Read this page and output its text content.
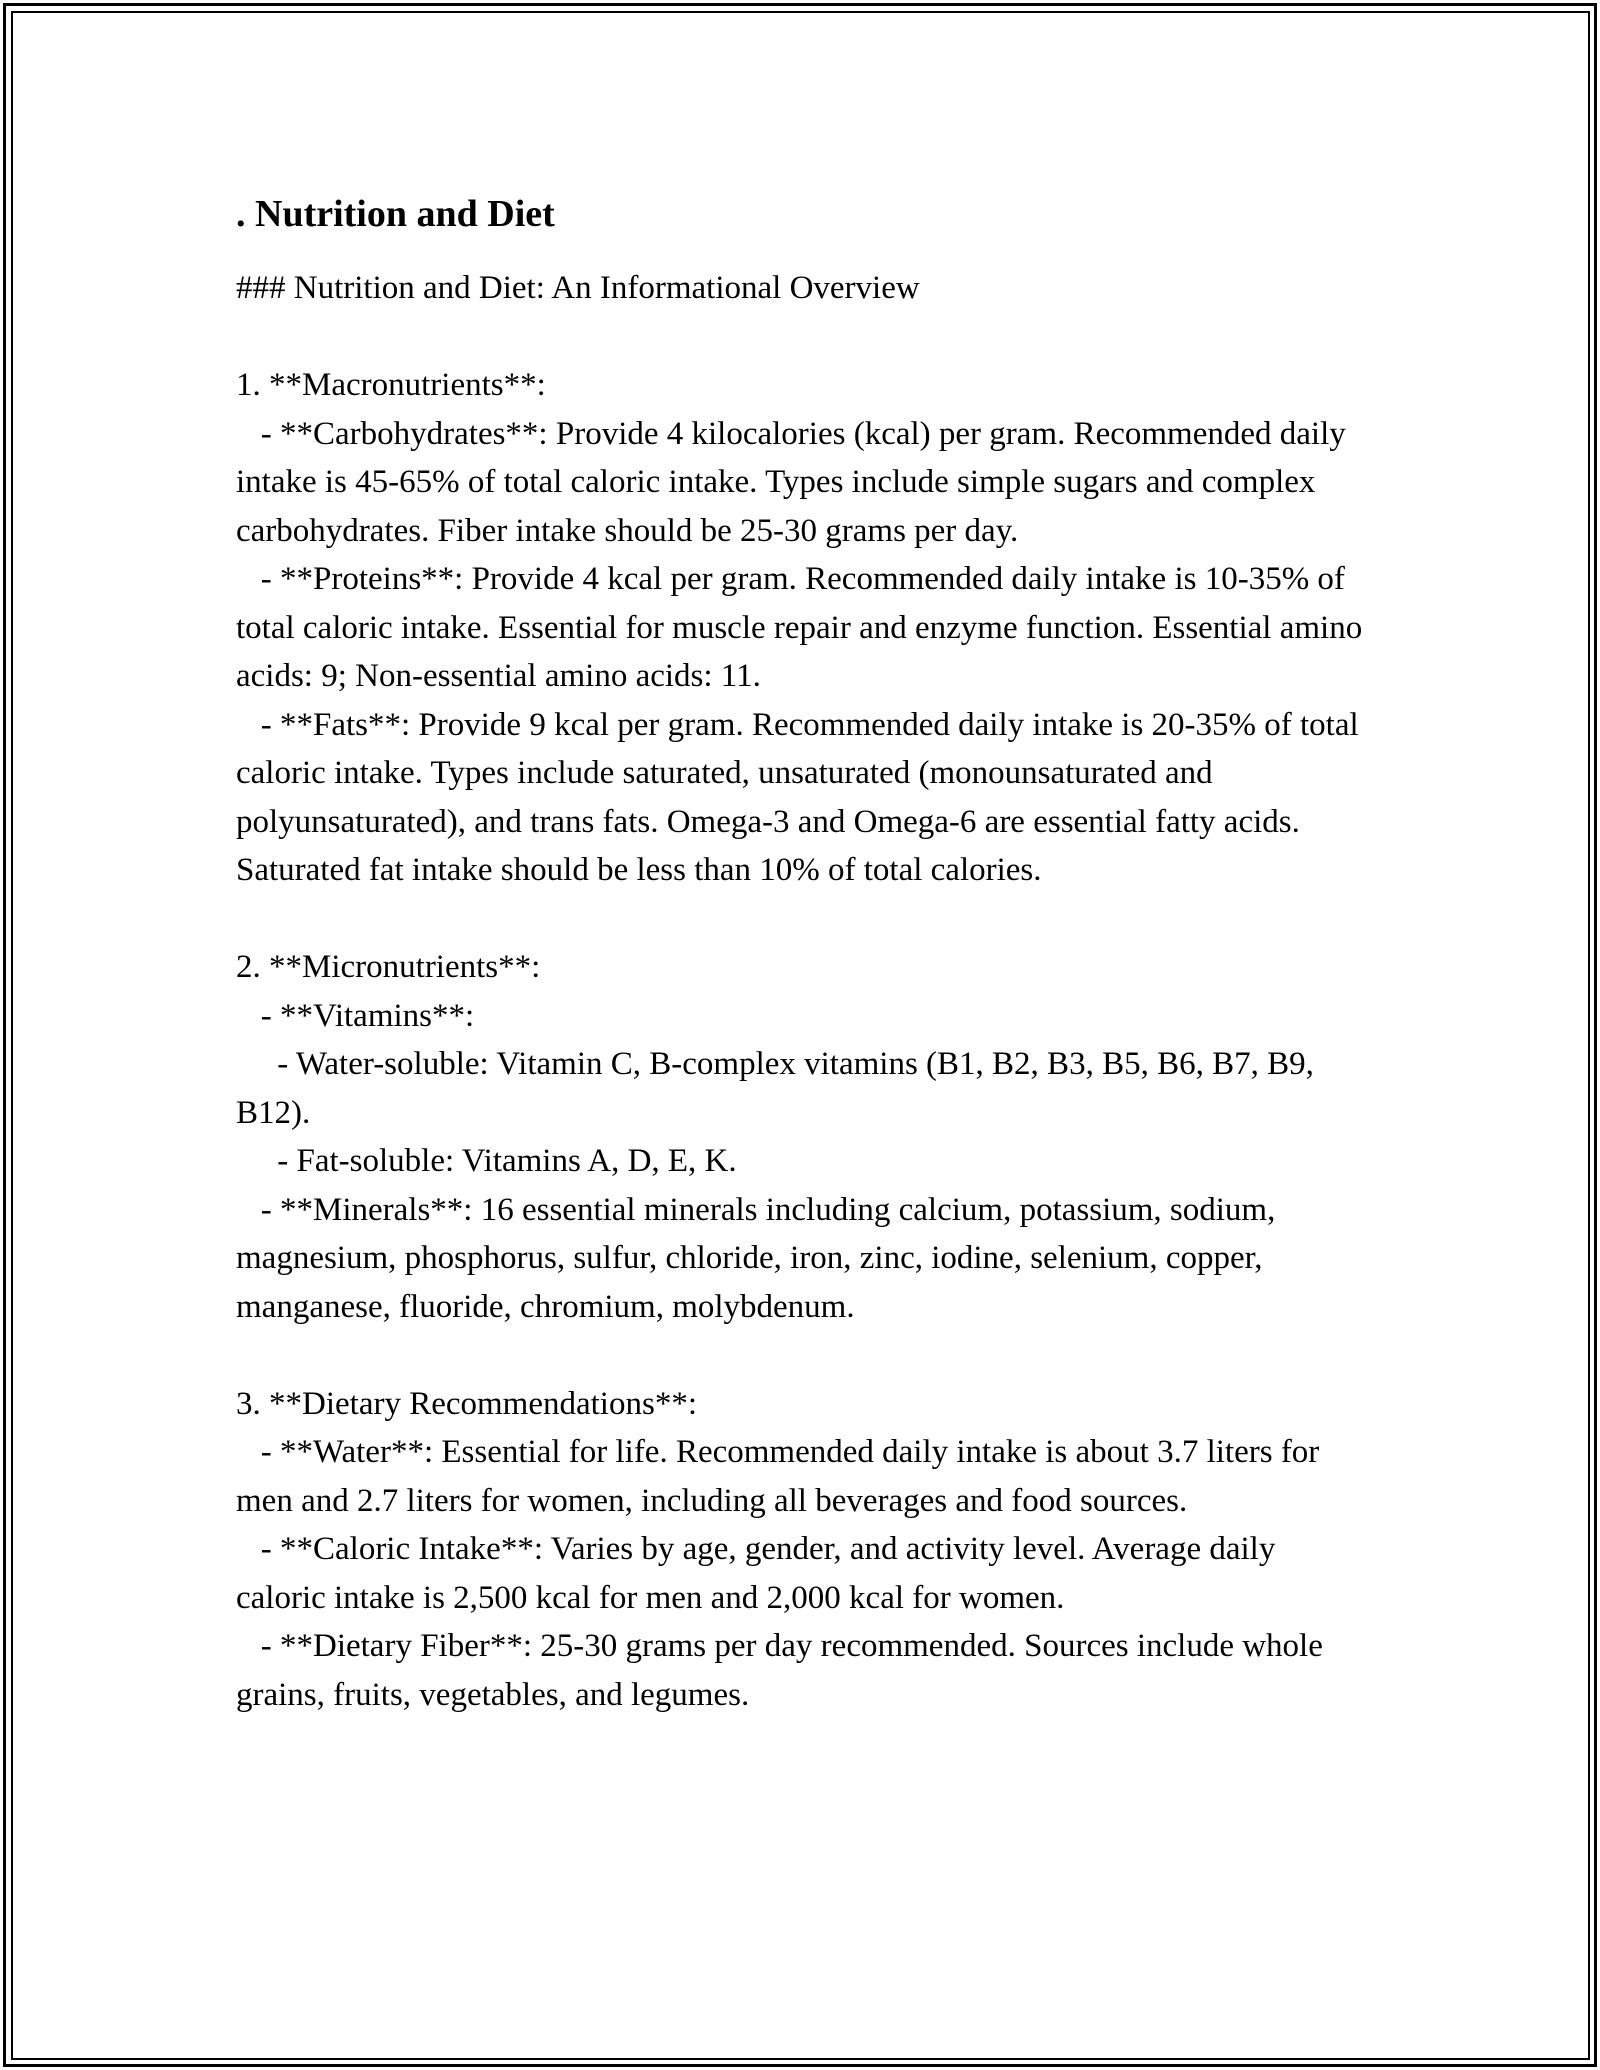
. Nutrition and Diet
### Nutrition and Diet: An Informational Overview

1. **Macronutrients**:
- **Carbohydrates**: Provide 4 kilocalories (kcal) per gram. Recommended daily intake is 45-65% of total caloric intake. Types include simple sugars and complex carbohydrates. Fiber intake should be 25-30 grams per day.
- **Proteins**: Provide 4 kcal per gram. Recommended daily intake is 10-35% of total caloric intake. Essential for muscle repair and enzyme function. Essential amino acids: 9; Non-essential amino acids: 11.
- **Fats**: Provide 9 kcal per gram. Recommended daily intake is 20-35% of total caloric intake. Types include saturated, unsaturated (monounsaturated and polyunsaturated), and trans fats. Omega-3 and Omega-6 are essential fatty acids. Saturated fat intake should be less than 10% of total calories.

2. **Micronutrients**:
- **Vitamins**:
- Water-soluble: Vitamin C, B-complex vitamins (B1, B2, B3, B5, B6, B7, B9, B12).
- Fat-soluble: Vitamins A, D, E, K.
- **Minerals**: 16 essential minerals including calcium, potassium, sodium, magnesium, phosphorus, sulfur, chloride, iron, zinc, iodine, selenium, copper, manganese, fluoride, chromium, molybdenum.

3. **Dietary Recommendations**:
- **Water**: Essential for life. Recommended daily intake is about 3.7 liters for men and 2.7 liters for women, including all beverages and food sources.
- **Caloric Intake**: Varies by age, gender, and activity level. Average daily caloric intake is 2,500 kcal for men and 2,000 kcal for women.
- **Dietary Fiber**: 25-30 grams per day recommended. Sources include whole grains, fruits, vegetables, and legumes.
